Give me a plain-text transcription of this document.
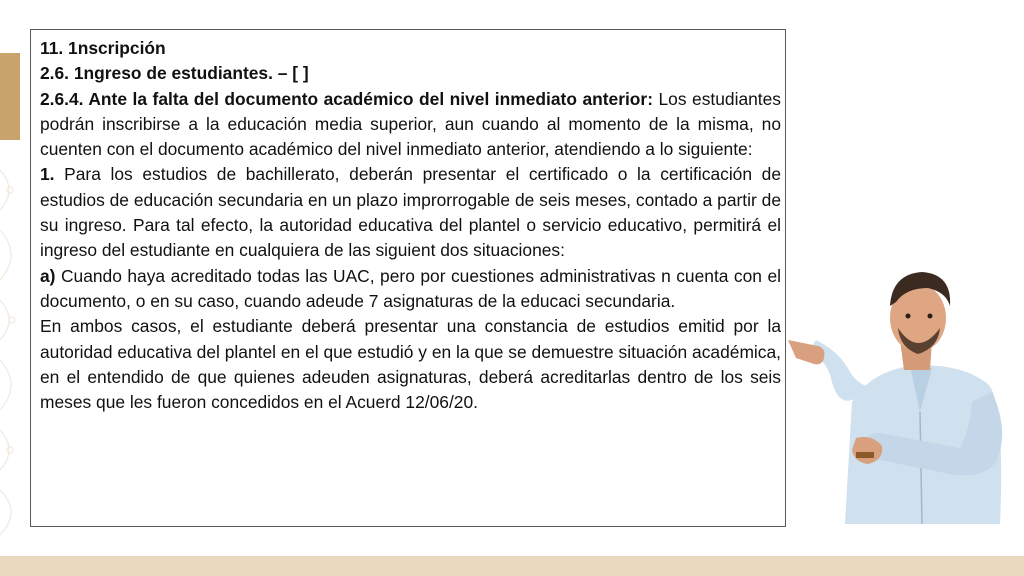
11. 1nscripción

2.6. 1ngreso de estudiantes. – [ ]

2.6.4. Ante la falta del documento académico del nivel inmediato anterior: Los estudiantes podrán inscribirse a la educación media superior, aun cuando al momento de la misma, no cuenten con el documento académico del nivel inmediato anterior, atendiendo a lo siguiente:

1. Para los estudios de bachillerato, deberán presentar el certificado o la certificación de estudios de educación secundaria en un plazo improrrogable de seis meses, contado a partir de su ingreso. Para tal efecto, la autoridad educativa del plantel o servicio educativo, permitirá el ingreso del estudiante en cualquiera de las siguient dos situaciones:

a) Cuando haya acreditado todas las UAC, pero por cuestiones administrativas n cuenta con el documento, o en su caso, cuando adeude 7 asignaturas de la educaci secundaria.

En ambos casos, el estudiante deberá presentar una constancia de estudios emitid por la autoridad educativa del plantel en el que estudió y en la que se demuestre situación académica, en el entendido de que quienes adeuden asignaturas, deberá acreditarlas dentro de los seis meses que les fueron concedidos en el Acuerd 12/06/20.
